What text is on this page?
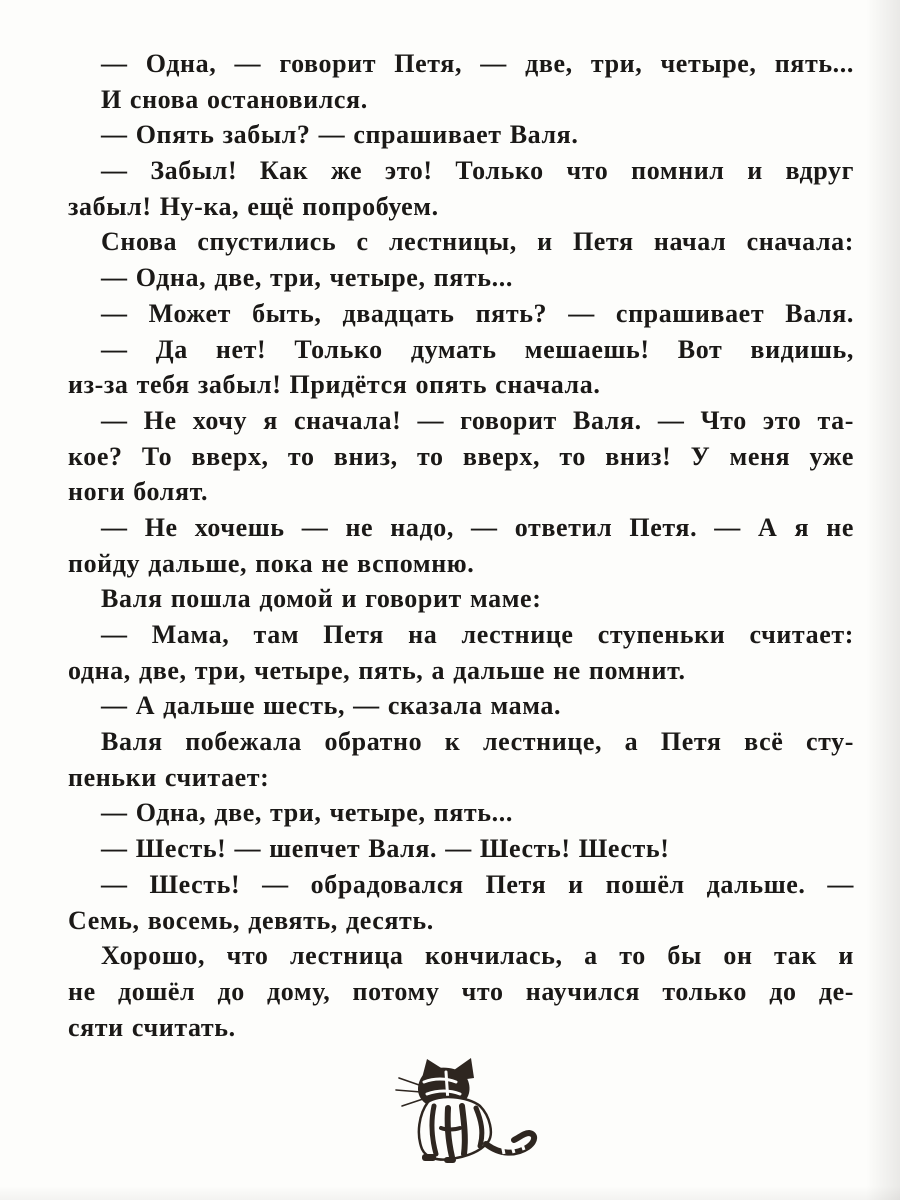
— Одна, — говорит Петя, — две, три, четыре, пять...
И снова остановился.
— Опять забыл? — спрашивает Валя.
— Забыл! Как же это! Только что помнил и вдруг
забыл! Ну-ка, ещё попробуем.
Снова спустились с лестницы, и Петя начал сначала:
— Одна, две, три, четыре, пять...
— Может быть, двадцать пять? — спрашивает Валя.
— Да нет! Только думать мешаешь! Вот видишь,
из-за тебя забыл! Придётся опять сначала.
— Не хочу я сначала! — говорит Валя. — Что это та-
кое? То вверх, то вниз, то вверх, то вниз! У меня уже
ноги болят.
— Не хочешь — не надо, — ответил Петя. — А я не
пойду дальше, пока не вспомню.
Валя пошла домой и говорит маме:
— Мама, там Петя на лестнице ступеньки считает:
одна, две, три, четыре, пять, а дальше не помнит.
— А дальше шесть, — сказала мама.
Валя побежала обратно к лестнице, а Петя всё сту-
пеньки считает:
— Одна, две, три, четыре, пять...
— Шесть! — шепчет Валя. — Шесть! Шесть!
— Шесть! — обрадовался Петя и пошёл дальше. —
Семь, восемь, девять, десять.
Хорошо, что лестница кончилась, а то бы он так и
не дошёл до дому, потому что научился только до де-
сяти считать.
